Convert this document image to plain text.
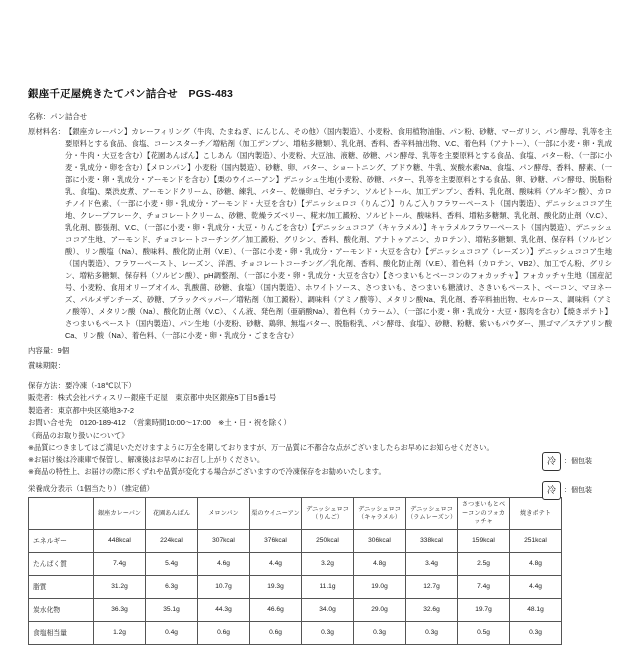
銀座千疋屋焼きたてパン詰合せ　PGS-483
名称： パン詰合せ
原材料名： 【銀座カレーパン】カレーフィリング（牛肉、たまねぎ、にんじん、その他）（国内製造）、小麦粉、食用植物油脂、パン粉、砂糖、マーガリン、パン酵母、乳等を主要原料とする食品、食塩、コーンスターチ／増粘剤（加工デンプン、増粘多糖類）、乳化剤、香料、香辛料抽出物、V.C、着色料（アナトー）、（一部に小麦・卵・乳成分・牛肉・大豆を含む）【花園あんぱん】こしあん（国内製造）、小麦粉、大豆油、液糖、砂糖、パン酵母、乳等を主要原料とする食品、食塩、バター粉、（一部に小麦・乳成分・卵を含む）【メロンパン】小麦粉（国内製造）、砂糖、卵、バター、ショートニング、ブドウ糖、牛乳、炭酸水素Na、食塩、パン酵母、香料、酵素、（一部に小麦・卵・乳成分・アーモンドを含む）【栗のウイニーアン】デニッシュ生地(小麦粉、砂糖、バター、乳等を主要原料とする食品、卵、砂糖、パン酵母、脱脂粉乳、食塩)、栗渋皮煮、アーモンドクリーム、砂糖、練乳、バター、乾燥卵白、ゼラチン、ソルビトール、加工デンプン、香料、乳化剤、酸味料（アルギン酸）、カロチノイド色素、（一部に小麦・卵・乳成分・アーモンド・大豆を含む）【デニッシュロコ（りんご）】りんご入りフラワーペースト（国内製造）、デニッシュココア生地、クレープフレーク、チョコレートクリーム、砂糖、乾燥ラズベリー、糀末/加工澱粉、ソルビトール、酸味料、香料、増粘多糖類、乳化剤、酸化防止剤（V.C）、乳化剤、膨張剤、V.C、（一部に小麦・卵・乳成分・大豆・りんごを含む）【デニッシュココア（キャラメル）】キャラメルフラワーペースト（国内製造）、デニッシュココア生地、アーモンド、チョコレートコーチング／加工澱粉、グリシン、香料、酸化剤、アナトゥアニン、カロテン）、増粘多糖類、乳化剤、保存料（ソルビン酸）、リン酸塩（Na）、酸味料、酸化防止剤（V.E）、（一部に小麦・卵・乳成分・アーモンド・大豆を含む）【デニッシュココア（レーズン）】デニッシュココア生地（国内製造）、フラワーペースト、レーズン、洋酒、チョコレートコーチング／乳化剤、香料、酸化防止剤（V.E）、着色料（カロテン、VB2）、加工でん粉、グリシン、増粘多糖類、保存料（ソルビン酸）、pH調整剤、（一部に小麦・卵・乳成分・大豆を含む）【さつまいもとベーコンのフォカッチャ】フォカッチャ生地（国産記号、小麦粉、食用オリーブオイル、乳酸菌、砂糖、食塩）（国内製造）、ホワイトソース、さつまいも、さつまいも糖漬け、さきいもペースト、ベーコン、マヨネーズ、パルメザンチーズ、砂糖、ブラックペッパー／増粘剤（加工澱粉）、調味料（アミノ酸等）、メタリン酸Na、乳化剤、香辛料抽出物、セルロース、調味料（アミノ酸等）、メタリン酸（Na）、酸化防止剤（V.C）、くん液、発色剤（亜硝酸Na）、着色料（カラーム）、（一部に小麦・卵・乳成分・大豆・豚肉を含む）【焼きポテト】さつまいもペースト（国内製造）、パン生地（小麦粉、砂糖、鶏卵、無塩バター、脱脂粉乳、パン酵母、食塩）、砂糖、粉糖、紫いもパウダー、黒ゴマ／ステアリン酸Ca、リン酸（Na）、着色料、（一部に小麦・卵・乳成分・ごまを含む）
内容量： 9個
賞味期限：
保存方法：要冷凍（-18℃以下）
販売者：株式会社パティスリー銀座千疋屋　東京都中央区銀座5丁目5番1号
製造者：東京都中央区築地3-7-2
お問い合せ先　0120-189-412　（営業時間10:00～17:00　※土・日・祝を除く）
《商品のお取り扱いについて》
※品質につきましてはご満足いただけますように万全を期しておりますが、万一品質に不都合な点がございましたらお早めにお知らせください。
※お届け後は冷凍庫で保管し、解凍後はお早めにお召し上がりください。
※商品の特性上、お届けの際に形くずれや品質が変化する場合がございますので冷凍保存をお勧めいたします。
栄養成分表示（1個当たり）（推定値）
	銀座カレーパン	花園あんぱん	メロンパン	栗のウイニーアン	デニッシュロコ（りんご）	デニッシュロコ（キャラメル）	デニッシュロコ（ラムレーズン）	さつまいもとベーコンのフォカッチャ	焼きポテト
エネルギー	448kcal	224kcal	307kcal	376kcal	250kcal	306kcal	338kcal	159kcal	251kcal
たんぱく質	7.4g	5.4g	4.6g	4.4g	3.2g	4.8g	3.4g	2.5g	4.8g
脂質	31.2g	6.3g	10.7g	19.3g	11.1g	19.0g	12.7g	7.4g	4.4g
炭水化物	36.3g	35.1g	44.3g	46.6g	34.0g	29.0g	32.6g	19.7g	48.1g
食塩相当量	1.2g	0.4g	0.6g	0.6g	0.3g	0.3g	0.3g	0.5g	0.3g
冷	：個包装
冷	：個包装
